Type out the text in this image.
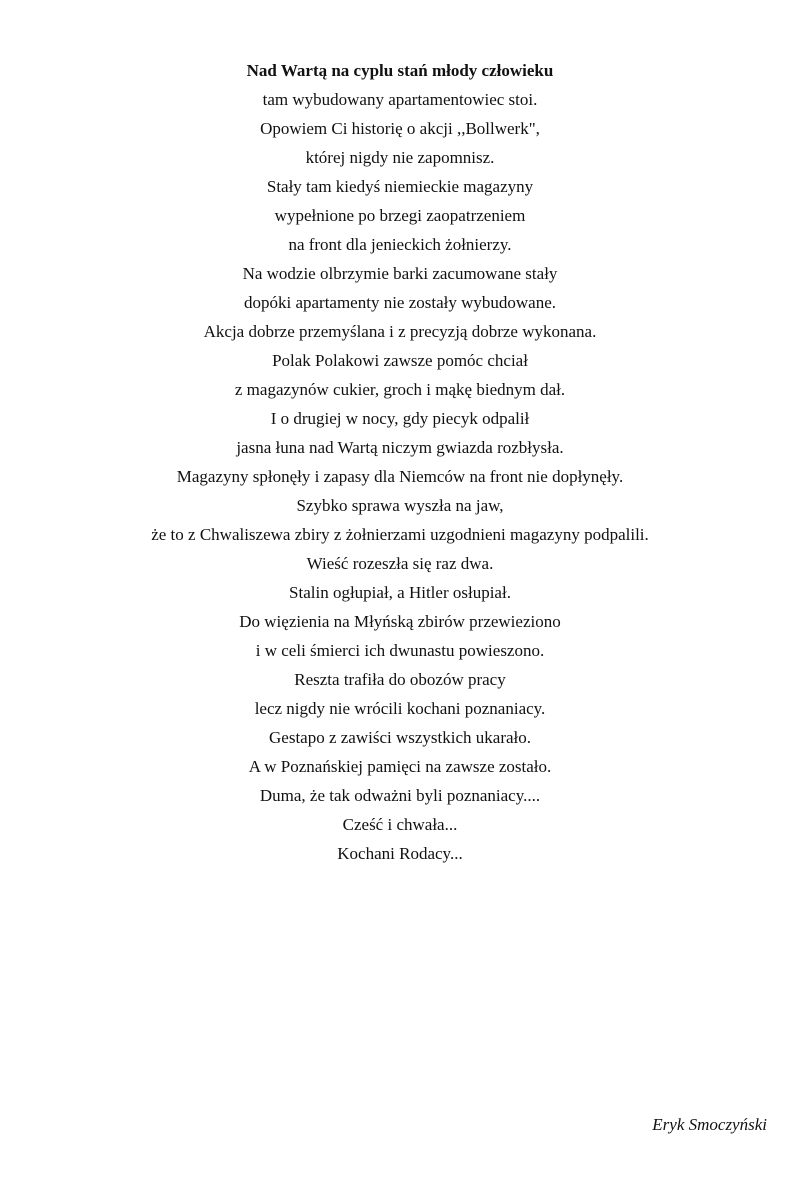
Nad Wartą na cyplu stań młody człowieku
tam wybudowany apartamentowiec stoi.
Opowiem Ci historię o akcji ,,Bollwerk",
której nigdy nie zapomnisz.
Stały tam kiedyś niemieckie magazyny
wypełnione po brzegi zaopatrzeniem
na front dla jenieckich żołnierzy.
Na wodzie olbrzymie barki zacumowane stały
dopóki apartamenty nie zostały wybudowane.
Akcja dobrze przemyślana i z precyzją dobrze wykonana.
Polak Polakowi zawsze pomóc chciał
z magazynów cukier, groch i mąkę biednym dał.
I o drugiej w nocy, gdy piecyk odpalił
jasna łuna nad Wartą niczym gwiazda rozbłysła.
Magazyny spłonęły i zapasy dla Niemców na front nie dopłynęły.
Szybko sprawa wyszła na jaw,
że to z Chwaliszewa zbiry z żołnierzami uzgodnieni magazyny podpalili.
Wieść rozeszła się raz dwa.
Stalin ogłupiał, a Hitler osłupiał.
Do więzienia na Młyńską zbirów przewieziono
i w celi śmierci ich dwunastu powieszono.
Reszta trafiła do obozów pracy
lecz nigdy nie wrócili kochani poznaniacy.
Gestapo z zawiści wszystkich ukarało.
A w Poznańskiej pamięci na zawsze zostało.
Duma, że tak odważni byli poznaniacy....
Cześć i chwała...
Kochani Rodacy...
Eryk Smoczyński
